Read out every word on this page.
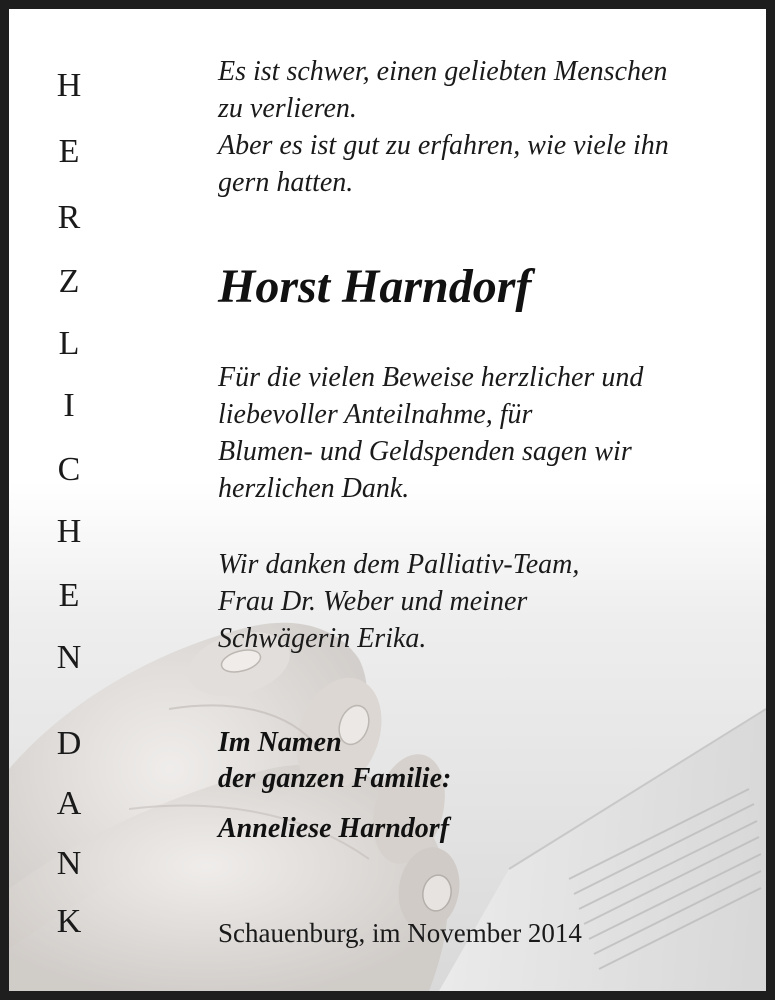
H
E
R
Z
L
I
C
H
E
N
D
A
N
K
Es ist schwer, einen geliebten Menschen
zu verlieren.
Aber es ist gut zu erfahren, wie viele ihn
gern hatten.
Horst Harndorf
Für die vielen Beweise herzlicher und
liebevoller Anteilnahme, für
Blumen- und Geldspenden sagen wir
herzlichen Dank.
Wir danken dem Palliativ-Team,
Frau Dr. Weber und meiner
Schwägerin Erika.
Im Namen
der ganzen Familie:
Anneliese Harndorf
Schauenburg, im November 2014
